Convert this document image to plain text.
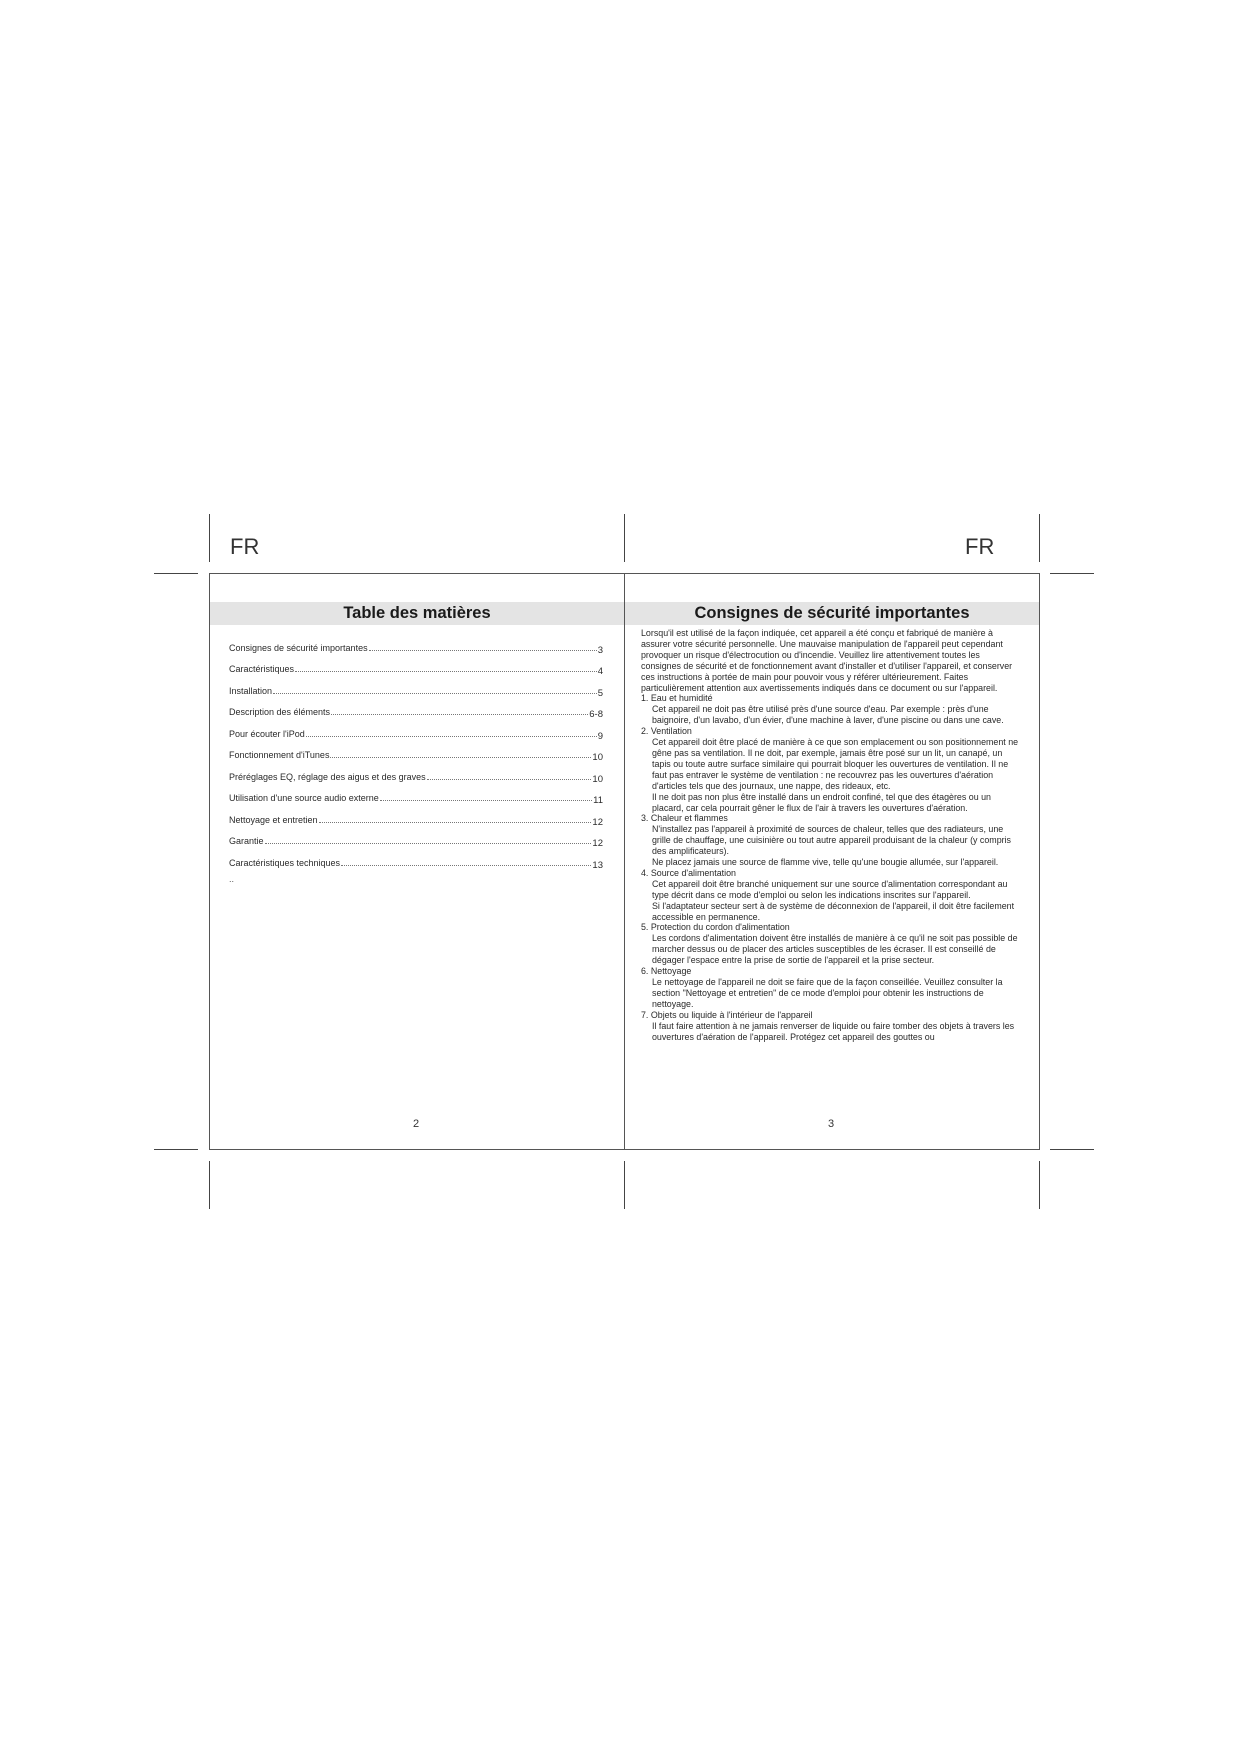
FR	FR
Table des matières	Consignes de sécurité importantes
Consignes de sécurité importantes	3
Caractéristiques	4
Installation	5
Description des éléments	6-8
Pour écouter l'iPod	9
Fonctionnement d'iTunes	10
Préréglages EQ, réglage des aigus et des graves	10
Utilisation d'une source audio externe	11
Nettoyage et entretien	12
Garantie	12
Caractéristiques techniques	13
..

Lorsqu'il est utilisé de la façon indiquée, cet appareil a été conçu et fabriqué de manière à assurer votre sécurité personnelle. Une mauvaise manipulation de l'appareil peut cependant provoquer un risque d'électrocution ou d'incendie. Veuillez lire attentivement toutes les consignes de sécurité et de fonctionnement avant d'installer et d'utiliser l'appareil, et conserver ces instructions à portée de main pour pouvoir vous y référer ultérieurement. Faites particulièrement attention aux avertissements indiqués dans ce document ou sur l'appareil.

1. Eau et humidité

Cet appareil ne doit pas être utilisé près d'une source d'eau. Par exemple : près d'une baignoire, d'un lavabo, d'un évier, d'une machine à laver, d'une piscine ou dans une cave.

2. Ventilation

Cet appareil doit être placé de manière à ce que son emplacement ou son positionnement ne gêne pas sa ventilation. Il ne doit, par exemple, jamais être posé sur un lit, un canapé, un tapis ou toute autre surface similaire qui pourrait bloquer les ouvertures de ventilation. Il ne faut pas entraver le système de ventilation : ne recouvrez pas les ouvertures d'aération d'articles tels que des journaux, une nappe, des rideaux, etc.

Il ne doit pas non plus être installé dans un endroit confiné, tel que des étagères ou un placard, car cela pourrait gêner le flux de l'air à travers les ouvertures d'aération.

3. Chaleur et flammes

N'installez pas l'appareil à proximité de sources de chaleur, telles que des radiateurs, une grille de chauffage, une cuisinière ou tout autre appareil produisant de la chaleur (y compris des amplificateurs).

Ne placez jamais une source de flamme vive, telle qu'une bougie allumée, sur l'appareil.

4. Source d'alimentation

Cet appareil doit être branché uniquement sur une source d'alimentation correspondant au type décrit dans ce mode d'emploi ou selon les indications inscrites sur l'appareil.

Si l'adaptateur secteur sert à de système de déconnexion de l'appareil, il doit être facilement accessible en permanence.

5. Protection du cordon d'alimentation

Les cordons d'alimentation doivent être installés de manière à ce qu'il ne soit pas possible de marcher dessus ou de placer des articles susceptibles de les écraser. Il est conseillé de dégager l'espace entre la prise de sortie de l'appareil et la prise secteur.

6. Nettoyage

Le nettoyage de l'appareil ne doit se faire que de la façon conseillée. Veuillez consulter la section "Nettoyage et entretien" de ce mode d'emploi pour obtenir les instructions de nettoyage.

7. Objets ou liquide à l'intérieur de l'appareil

Il faut faire attention à ne jamais renverser de liquide ou faire tomber des objets à travers les ouvertures d'aération de l'appareil. Protégez cet appareil des gouttes ou

2	3
